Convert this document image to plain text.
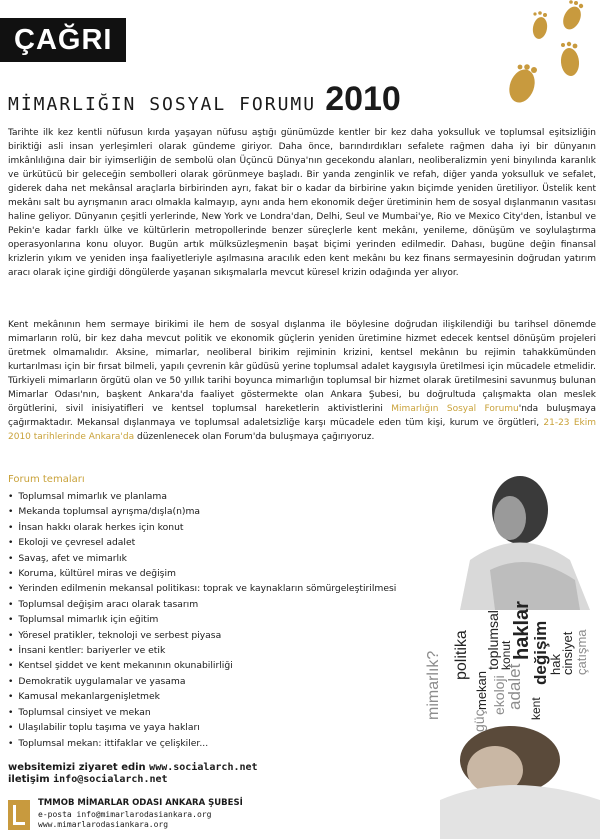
ÇAĞRI
MİMARLIĞIN SOSYAL FORUMU 2010

Tarihte ilk kez kentli nüfusun kırda yaşayan nüfusu aştığı günümüzde kentler bir kez daha yoksulluk ve toplumsal eşitsizliğin biriktiği asli insan yerleşimleri olarak gündeme giriyor. Daha önce, barındırdıkları sefalete rağmen daha iyi bir dünyanın imkânlılığına dair bir iyimserliğin de sembolü olan Üçüncü Dünya'nın gecekondu alanları, neoliberalizmin yeni binyılında karanlık ve ürkütücü bir geleceğin sembolleri olarak görünmeye başladı. Bir yanda zenginlik ve refah, diğer yanda yoksulluk ve sefalet, giderek daha net mekânsal araçlarla birbirinden ayrı, fakat bir o kadar da birbirine yakın biçimde yeniden üretiliyor. Üstelik kent mekânı salt bu ayrışmanın aracı olmakla kalmayıp, aynı anda hem ekonomik değer üretiminin hem de sosyal dışlanmanın vasıtası haline geliyor. Dünyanın çeşitli yerlerinde, New York ve Londra'dan, Delhi, Seul ve Mumbai'ye, Rio ve Mexico City'den, İstanbul ve Pekin'e kadar farklı ülke ve kültürlerin metropollerinde benzer süreçlerle kent mekânı, yenileme, dönüşüm ve soylulaştırma operasyonlarına konu oluyor. Bugün artık mülksüzleşmenin başat biçimi yerinden edilmedir. Dahası, bugüne değin finansal krizlerin yıkım ve yeniden inşa faaliyetleriyle aşılmasına aracılık eden kent mekânı bu kez finans sermayesinin doğrudan yatırım aracı olarak içine girdiği döngülerde yaşanan sıkışmalarla mevcut küresel krizin odağında yer alıyor.

Kent mekânının hem sermaye birikimi ile hem de sosyal dışlanma ile böylesine doğrudan ilişkilendiği bu tarihsel dönemde mimarların rolü, bir kez daha mevcut politik ve ekonomik güçlerin yeniden üretimine hizmet edecek kentsel dönüşüm projeleri üretmek olmamalıdır. Aksine, mimarlar, neoliberal birikim rejiminin krizini, kentsel mekânın bu rejimin tahakkümünden kurtarılması için bir fırsat bilmeli, yapılı çevrenin kâr güdüsü yerine toplumsal adalet kaygısıyla üretilmesi için mücadele etmelidir. Türkiyeli mimarların örgütü olan ve 50 yıllık tarihi boyunca mimarlığın toplumsal bir hizmet olarak üretilmesini savunmuş bulunan Mimarlar Odası'nın, başkent Ankara'da faaliyet göstermekte olan Ankara Şubesi, bu doğrultuda çalışmakta olan meslek örgütlerini, sivil inisiyatifleri ve kentsel toplumsal hareketlerin aktivistlerini Mimarlığın Sosyal Forumu'nda buluşmaya çağırmaktadır. Mekansal dışlanmaya ve toplumsal adaletsizliğe karşı mücadele eden tüm kişi, kurum ve örgütleri, 21-23 Ekim 2010 tarihlerinde Ankara'da düzenlenecek olan Forum'da buluşmaya çağırıyoruz.

Forum temaları

• Toplumsal mimarlık ve planlama
• Mekanda toplumsal ayrışma/dışla(n)ma
• İnsan hakkı olarak herkes için konut
• Ekoloji ve çevresel adalet
• Savaş, afet ve mimarlık
• Koruma, kültürel miras ve değişim
• Yerinden edilmenin mekansal politikası: toprak ve kaynakların sömürgeleştirilmesi
• Toplumsal değişim aracı olarak tasarım
• Toplumsal mimarlık için eğitim
• Yöresel pratikler, teknoloji ve serbest piyasa
• İnsani kentler: bariyerler ve etik
• Kentsel şiddet ve kent mekanının okunabilirliği
• Demokratik uygulamalar ve yasama
• Kamusal mekanlargenişletmek
• Toplumsal cinsiyet ve mekan
• Ulaşılabilir toplu taşıma ve yaya hakları
• Toplumsal mekan: ittifaklar ve çelişkiler...
websitemizi ziyaret edin www.socialarch.net
iletişim info@socialarch.net
TMMOB MİMARLAR ODASI ANKARA ŞUBESİ
e-posta info@mimarlarodasiankara.org
www.mimarlarodasiankara.org
mimarlık? politika
mekan
toplumsal
konut
haklar
güç
ekoloji
adalet
değişim
kent
hak
cinsiyet çatışma
